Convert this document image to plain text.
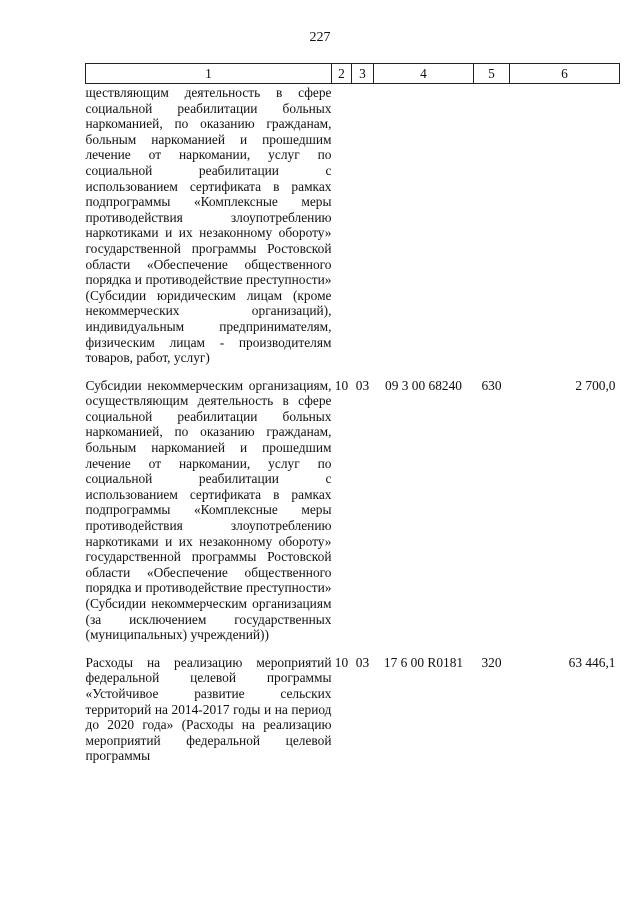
227
1	2	3	4	5	6
ществляющим деятельность в сфере социальной реабилитации больных наркоманией, по оказанию гражданам, больным наркоманией и прошедшим лечение от наркомании, услуг по социальной реабилитации с использованием сертификата в рамках подпрограммы «Комплексные меры противодействия злоупотреблению наркотиками и их незаконному обороту» государственной программы Ростовской области «Обеспечение общественного порядка и противодействие преступности» (Субсидии юридическим лицам (кроме некоммерческих организаций), индивидуальным предпринимателям, физическим лицам - производителям товаров, работ, услуг)					
Субсидии некоммерческим организациям, осуществляющим деятельность в сфере социальной реабилитации больных наркоманией, по оказанию гражданам, больным наркоманией и прошедшим лечение от наркомании, услуг по социальной реабилитации с использованием сертификата в рамках подпрограммы «Комплексные меры противодействия злоупотреблению наркотиками и их незаконному обороту» государственной программы Ростовской области «Обеспечение общественного порядка и противодействие преступности» (Субсидии некоммерческим организациям (за исключением государственных (муниципальных) учреждений))	10	03	09 3 00 68240	630	2 700,0
Расходы на реализацию мероприятий федеральной целевой программы «Устойчивое развитие сельских территорий на 2014-2017 годы и на период до 2020 года» (Расходы на реализацию мероприятий федеральной целевой программы	10	03	17 6 00 R0181	320	63 446,1
